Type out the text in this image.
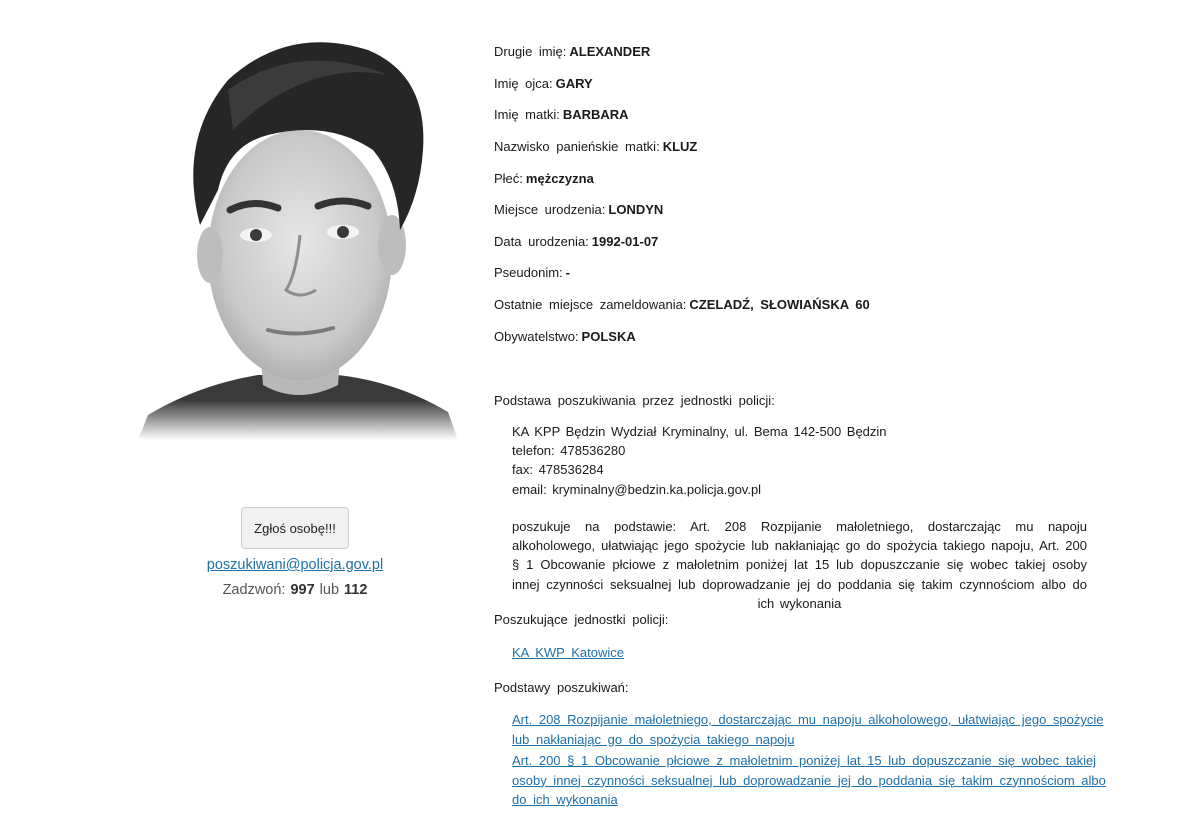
Zgłoś osobę!!!
poszukiwani@policja.gov.pl
Zadzwoń: 997 lub 112
Drugie imię: ALEXANDER
Imię ojca: GARY
Imię matki: BARBARA
Nazwisko panieńskie matki: KLUZ
Płeć: mężczyzna
Miejsce urodzenia: LONDYN
Data urodzenia: 1992-01-07
Pseudonim: -
Ostatnie miejsce zameldowania: CZELADŹ, SŁOWIAŃSKA 60
Obywatelstwo: POLSKA
Podstawa poszukiwania przez jednostki policji:
KA KPP Będzin Wydział Kryminalny, ul. Bema 142-500 Będzin
telefon: 478536280
fax: 478536284
email: kryminalny@bedzin.ka.policja.gov.pl
poszukuje na podstawie: Art. 208 Rozpijanie małoletniego, dostarczając mu napoju alkoholowego, ułatwiając jego spożycie lub nakłaniając go do spożycia takiego napoju, Art. 200 § 1 Obcowanie płciowe z małoletnim poniżej lat 15 lub dopuszczanie się wobec takiej osoby innej czynności seksualnej lub doprowadzanie jej do poddania się takim czynnościom albo do ich wykonania
Poszukujące jednostki policji:
KA KWP Katowice
Podstawy poszukiwań:
Art. 208 Rozpijanie małoletniego, dostarczając mu napoju alkoholowego, ułatwiając jego spożycie lub nakłaniając go do spożycia takiego napoju
Art. 200 § 1 Obcowanie płciowe z małoletnim poniżej lat 15 lub dopuszczanie się wobec takiej osoby innej czynności seksualnej lub doprowadzanie jej do poddania się takim czynnościom albo do ich wykonania
